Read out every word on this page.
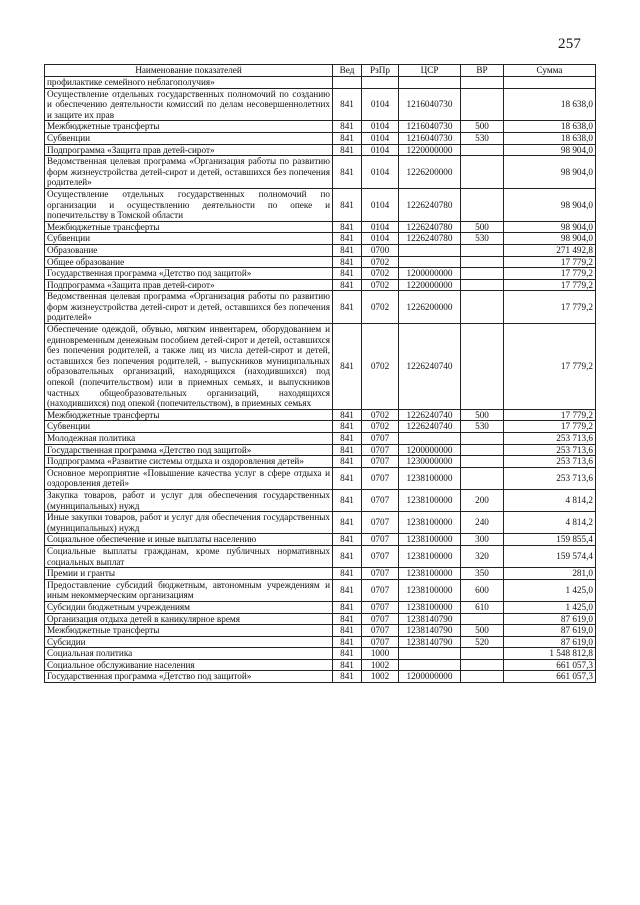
257
Наименование показателей	Вед	РзПр	ЦСР	ВР	Сумма
профилактике семейного неблагополучия»					
Осуществление отдельных государственных полномочий по созданию и обеспечению деятельности комиссий по делам несовершеннолетних и защите их прав	841	0104	1216040730		18 638,0
Межбюджетные трансферты	841	0104	1216040730	500	18 638,0
Субвенции	841	0104	1216040730	530	18 638,0
Подпрограмма «Защита прав детей-сирот»	841	0104	1220000000		98 904,0
Ведомственная целевая программа «Организация работы по развитию форм жизнеустройства детей-сирот и детей, оставшихся без попечения родителей»	841	0104	1226200000		98 904,0
Осуществление отдельных государственных полномочий по организации и осуществлению деятельности по опеке и попечительству в Томской области	841	0104	1226240780		98 904,0
Межбюджетные трансферты	841	0104	1226240780	500	98 904,0
Субвенции	841	0104	1226240780	530	98 904,0
Образование	841	0700			271 492,8
Общее образование	841	0702			17 779,2
Государственная программа «Детство под защитой»	841	0702	1200000000		17 779,2
Подпрограмма «Защита прав детей-сирот»	841	0702	1220000000		17 779,2
Ведомственная целевая программа «Организация работы по развитию форм жизнеустройства детей-сирот и детей, оставшихся без попечения родителей»	841	0702	1226200000		17 779,2
Обеспечение одеждой, обувью, мягким инвентарем, оборудованием и единовременным денежным пособием детей-сирот и детей, оставшихся без попечения родителей, а также лиц из числа детей-сирот и детей, оставшихся без попечения родителей, - выпускников муниципальных образовательных организаций, находящихся (находившихся) под опекой (попечительством) или в приемных семьях, и выпускников частных общеобразовательных организаций, находящихся (находившихся) под опекой (попечительством), в приемных семьях	841	0702	1226240740		17 779,2
Межбюджетные трансферты	841	0702	1226240740	500	17 779,2
Субвенции	841	0702	1226240740	530	17 779,2
Молодежная политика	841	0707			253 713,6
Государственная программа «Детство под защитой»	841	0707	1200000000		253 713,6
Подпрограмма «Развитие системы отдыха и оздоровления детей»	841	0707	1230000000		253 713,6
Основное мероприятие «Повышение качества услуг в сфере отдыха и оздоровления детей»	841	0707	1238100000		253 713,6
Закупка товаров, работ и услуг для обеспечения государственных (муниципальных) нужд	841	0707	1238100000	200	4 814,2
Иные закупки товаров, работ и услуг для обеспечения государственных (муниципальных) нужд	841	0707	1238100000	240	4 814,2
Социальное обеспечение и иные выплаты населению	841	0707	1238100000	300	159 855,4
Социальные выплаты гражданам, кроме публичных нормативных социальных выплат	841	0707	1238100000	320	159 574,4
Премии и гранты	841	0707	1238100000	350	281,0
Предоставление субсидий бюджетным, автономным учреждениям и иным некоммерческим организациям	841	0707	1238100000	600	1 425,0
Субсидии бюджетным учреждениям	841	0707	1238100000	610	1 425,0
Организация отдыха детей в каникулярное время	841	0707	1238140790		87 619,0
Межбюджетные трансферты	841	0707	1238140790	500	87 619,0
Субсидии	841	0707	1238140790	520	87 619,0
Социальная политика	841	1000			1 548 812,8
Социальное обслуживание населения	841	1002			661 057,3
Государственная программа «Детство под защитой»	841	1002	1200000000		661 057,3
